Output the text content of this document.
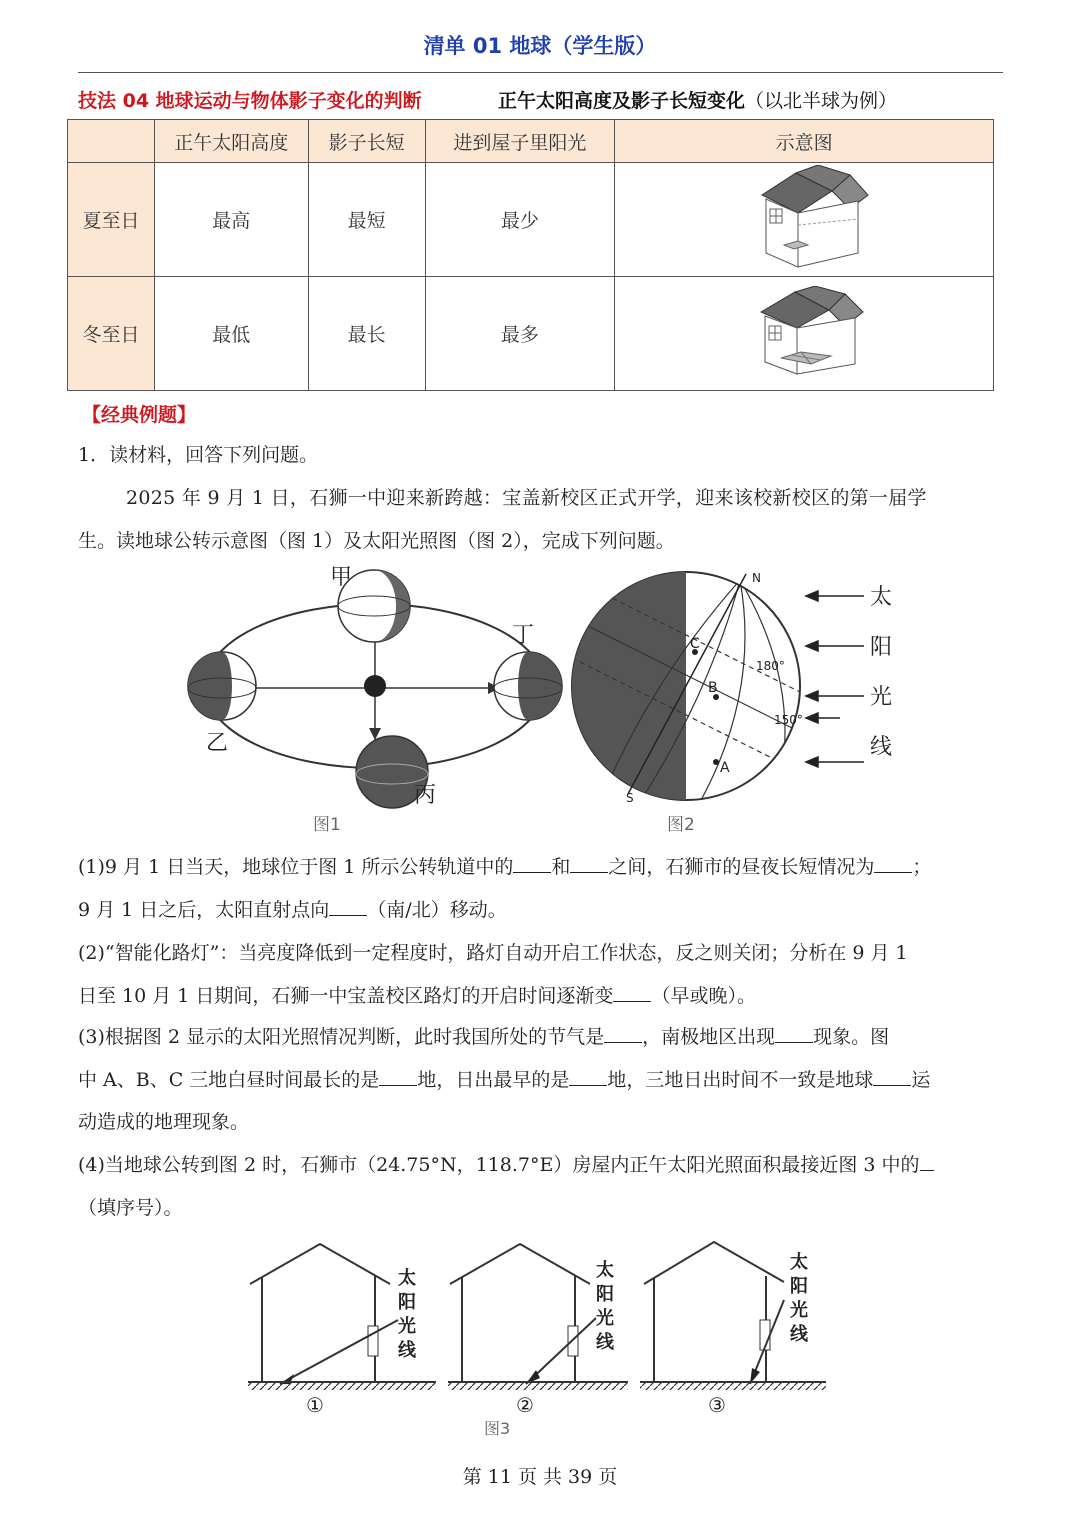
清单 01 地球（学生版）
技法 04 地球运动与物体影子变化的判断	正午太阳高度及影子长短变化（以北半球为例）
	正午太阳高度	影子长短	进到屋子里阳光	示意图
夏至日	最高	最短	最少	
冬至日	最低	最长	最多	
【经典例题】
1．读材料，回答下列问题。
2025 年 9 月 1 日，石狮一中迎来新跨越：宝盖新校区正式开学，迎来该校新校区的第一届学
生。读地球公转示意图（图 1）及太阳光照图（图 2），完成下列问题。
甲
乙
丙
丁
图1
A
B
C
N
S
180°
150°
太
阳
光
线
图2
(1)9 月 1 日当天，地球位于图 1 所示公转轨道中的 和 之间，石狮市的昼夜长短情况为 ；
9 月 1 日之后，太阳直射点向 （南/北）移动。
(2)“智能化路灯”：当亮度降低到一定程度时，路灯自动开启工作状态，反之则关闭；分析在 9 月 1
日至 10 月 1 日期间，石狮一中宝盖校区路灯的开启时间逐渐变 （早或晚）。
(3)根据图 2 显示的太阳光照情况判断，此时我国所处的节气是 ，南极地区出现 现象。图
中 A、B、C 三地白昼时间最长的是 地，日出最早的是 地，三地日出时间不一致是地球 运
动造成的地理现象。
(4)当地球公转到图 2 时，石狮市（24.75°N，118.7°E）房屋内正午太阳光照面积最接近图 3 中的
（填序号）。
太
阳
光
线
①
太
阳
光
线
②
图3
太
阳
光
线
③
第 11 页 共 39 页
